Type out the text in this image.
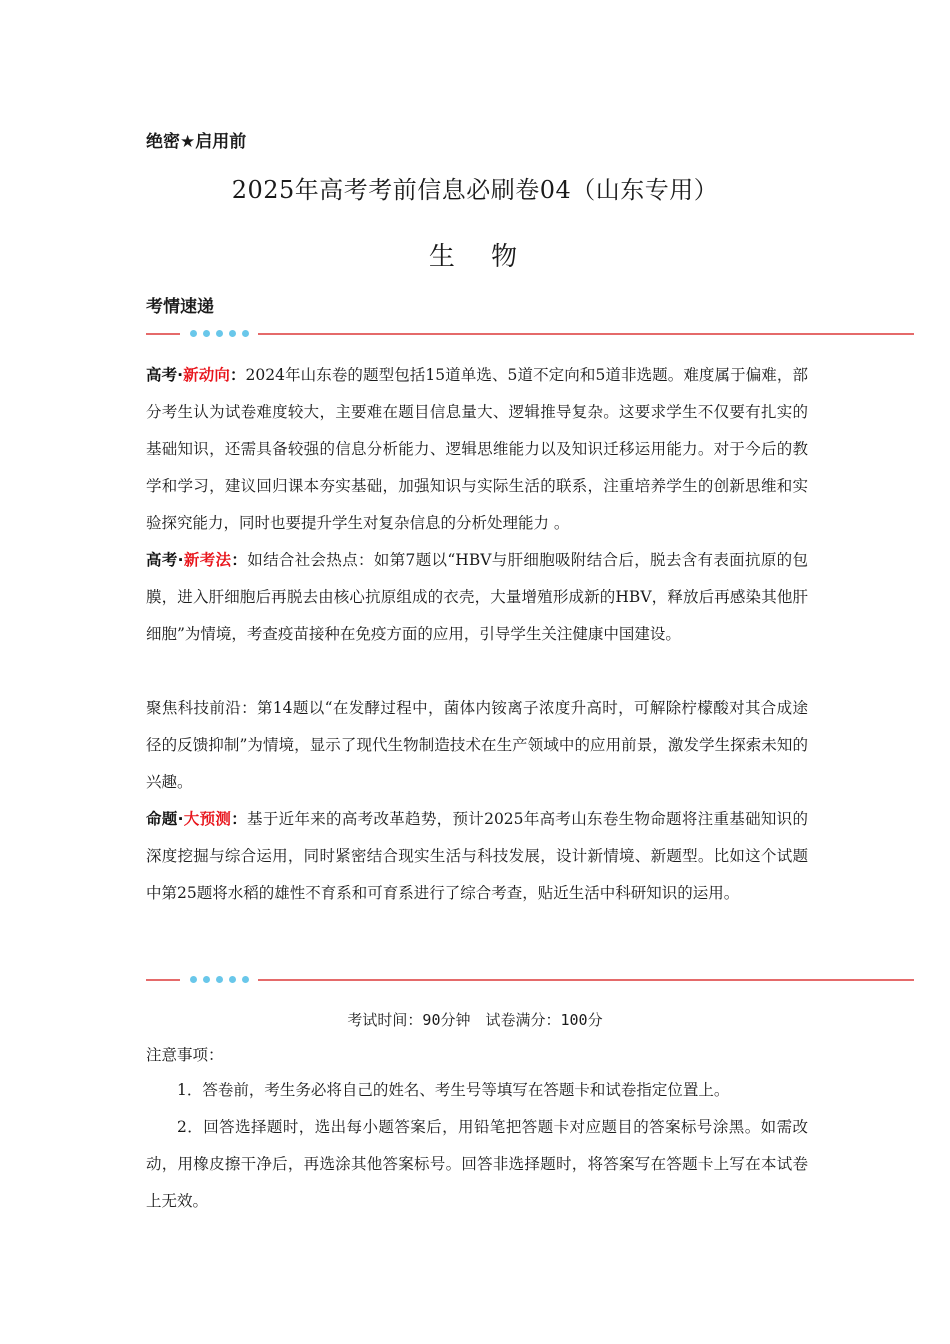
绝密★启用前
2025年高考考前信息必刷卷04（山东专用）
生 物
考情速递
高考·新动向：2024年山东卷的题型包括15道单选、5道不定向和5道非选题。难度属于偏难，部分考生认为试卷难度较大，主要难在题目信息量大、逻辑推导复杂。这要求学生不仅要有扎实的基础知识，还需具备较强的信息分析能力、逻辑思维能力以及知识迁移运用能力。对于今后的教学和学习，建议回归课本夯实基础，加强知识与实际生活的联系，注重培养学生的创新思维和实验探究能力，同时也要提升学生对复杂信息的分析处理能力 。
高考·新考法：如结合社会热点：如第7题以“HBV与肝细胞吸附结合后，脱去含有表面抗原的包膜，进入肝细胞后再脱去由核心抗原组成的衣壳，大量增殖形成新的HBV，释放后再感染其他肝细胞”为情境，考查疫苗接种在免疫方面的应用，引导学生关注健康中国建设。
聚焦科技前沿：第14题以“在发酵过程中，菌体内铵离子浓度升高时，可解除柠檬酸对其合成途径的反馈抑制”为情境，显示了现代生物制造技术在生产领域中的应用前景，激发学生探索未知的兴趣。
命题·大预测：基于近年来的高考改革趋势，预计2025年高考山东卷生物命题将注重基础知识的深度挖掘与综合运用，同时紧密结合现实生活与科技发展，设计新情境、新题型。比如这个试题中第25题将水稻的雄性不育系和可育系进行了综合考查，贴近生活中科研知识的运用。
考试时间：90分钟　试卷满分：100分
注意事项：

1．答卷前，考生务必将自己的姓名、考生号等填写在答题卡和试卷指定位置上。

2．回答选择题时，选出每小题答案后，用铅笔把答题卡对应题目的答案标号涂黑。如需改动，用橡皮擦干净后，再选涂其他答案标号。回答非选择题时，将答案写在答题卡上写在本试卷上无效。
